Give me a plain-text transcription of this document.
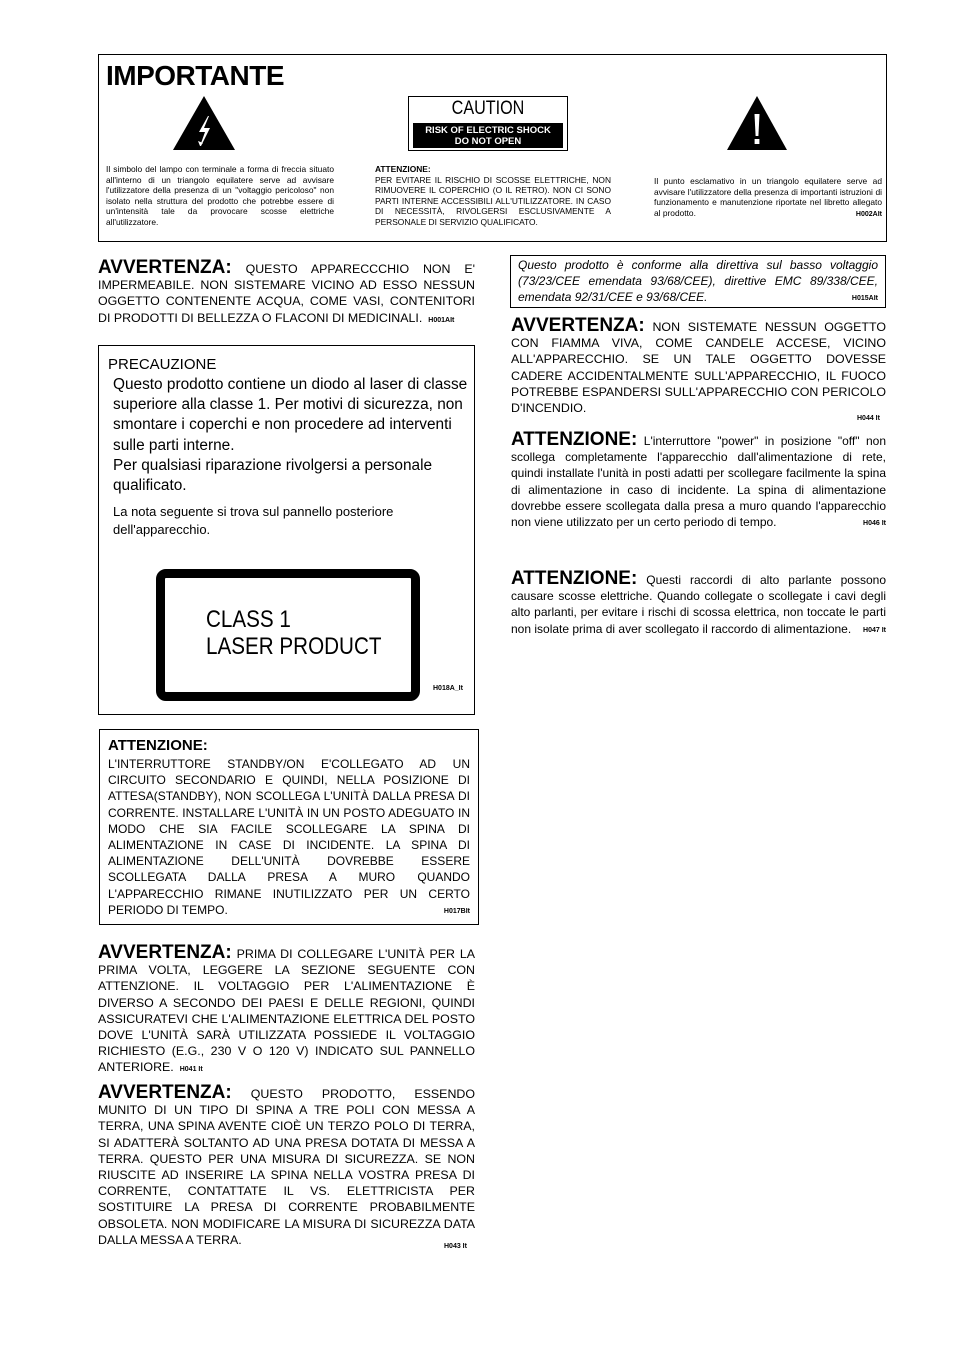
IMPORTANTE
CAUTION
RISK OF ELECTRIC SHOCK
DO NOT OPEN
Il simbolo del lampo con terminale a forma di freccia situato all'interno di un triangolo equilatere serve ad avvisare l'utilizzatore della presenza di un "voltaggio pericoloso" non isolato nella struttura del prodotto che potrebbe essere di un'intensità tale da provocare scosse elettriche all'utilizzatore.
ATTENZIONE:
PER EVITARE IL RISCHIO DI SCOSSE ELETTRICHE, NON RIMUOVERE IL COPERCHIO (O IL RETRO). NON CI SONO PARTI INTERNE ACCESSIBILI ALL'UTILIZZATORE. IN CASO DI NECESSITÀ, RIVOLGERSI ESCLUSIVAMENTE A PERSONALE DI SERVIZIO QUALIFICATO.
Il punto esclamativo in un triangolo equilatere serve ad avvisare l'utilizzatore della presenza di importanti istruzioni di funzionamento e manutenzione riportate nel libretto allegato al prodotto.	H002AIt
AVVERTENZA: QUESTO APPARECCCHIO NON E' IMPERMEABILE. NON SISTEMARE VICINO AD ESSO NESSUN OGGETTO CONTENENTE ACQUA, COME VASI, CONTENITORI DI PRODOTTI DI BELLEZZA O FLACONI DI MEDICINALI. H001AIt
PRECAUZIONE
Questo prodotto contiene un diodo al laser di classe superiore alla classe 1. Per motivi di sicurezza, non smontare i coperchi e non procedere ad interventi sulle parti interne.
Per qualsiasi riparazione rivolgersi a personale qualificato.
La nota seguente si trova sul pannello posteriore dell'apparecchio.
CLASS 1
LASER PRODUCT
H018A_It
ATTENZIONE:
L'INTERRUTTORE STANDBY/ON E'COLLEGATO AD UN CIRCUITO SECONDARIO E QUINDI, NELLA POSIZIONE DI ATTESA(STANDBY), NON SCOLLEGA L'UNITÀ DALLA PRESA DI CORRENTE. INSTALLARE L'UNITÀ IN UN POSTO ADEGUATO IN MODO CHE SIA FACILE SCOLLEGARE LA SPINA DI ALIMENTAZIONE IN CASE DI INCIDENTE. LA SPINA DI ALIMENTAZIONE DELL'UNITÀ DOVREBBE ESSERE SCOLLEGATA DALLA PRESA A MURO QUANDO L'APPARECCHIO RIMANE INUTILIZZATO PER UN CERTO PERIODO DI TEMPO.	H017BIt
AVVERTENZA: PRIMA DI COLLEGARE L'UNITÀ PER LA PRIMA VOLTA, LEGGERE LA SEZIONE SEGUENTE CON ATTENZIONE. IL VOLTAGGIO PER L'ALIMENTAZIONE È DIVERSO A SECONDO DEI PAESI E DELLE REGIONI, QUINDI ASSICURATEVI CHE L'ALIMENTAZIONE ELETTRICA DEL POSTO DOVE L'UNITÀ SARÀ UTILIZZATA POSSIEDE IL VOLTAGGIO RICHIESTO (E.G., 230 V O 120 V) INDICATO SUL PANNELLO ANTERIORE. H041 It
AVVERTENZA: QUESTO PRODOTTO, ESSENDO MUNITO DI UN TIPO DI SPINA A TRE POLI CON MESSA A TERRA, UNA SPINA AVENTE CIOÈ UN TERZO POLO DI TERRA, SI ADATTERÀ SOLTANTO AD UNA PRESA DOTATA DI MESSA A TERRA. QUESTO PER UNA MISURA DI SICUREZZA. SE NON RIUSCITE AD INSERIRE LA SPINA NELLA VOSTRA PRESA DI CORRENTE, CONTATTATE IL VS. ELETTRICISTA PER SOSTITUIRE LA PRESA DI CORRENTE PROBABILMENTE OBSOLETA. NON MODIFICARE LA MISURA DI SICUREZZA DATA DALLA MESSA A TERRA.	H043 It
Questo prodotto è conforme alla direttiva sul basso voltaggio (73/23/CEE emendata 93/68/CEE), direttive EMC 89/338/CEE, emendata 92/31/CEE e 93/68/CEE.	H015AIt
AVVERTENZA: NON SISTEMATE NESSUN OGGETTO CON FIAMMA VIVA, COME CANDELE ACCESE, VICINO ALL'APPARECCHIO. SE UN TALE OGGETTO DOVESSE CADERE ACCIDENTALMENTE SULL'APPARECCHIO, IL FUOCO POTREBBE ESPANDERSI SULL'APPARECCHIO CON PERICOLO D'INCENDIO.
H044 It
ATTENZIONE: L'interruttore "power" in posizione "off" non scollega completamente l'apparecchio dall'alimentazione di rete, quindi installate l'unità in posti adatti per scollegare facilmente la spina di alimentazione in caso di incidente. La spina di alimentazione dovrebbe essere scollegata dalla presa a muro quando l'apparecchio non viene utilizzato per un certo periodo di tempo.	H046 It
ATTENZIONE: Questi raccordi di alto parlante possono causare scosse elettriche. Quando collegate o scollegate i cavi degli alto parlanti, per evitare i rischi di scossa elettrica, non toccate le parti non isolate prima di aver scollegato il raccordo di alimentazione. H047 It
